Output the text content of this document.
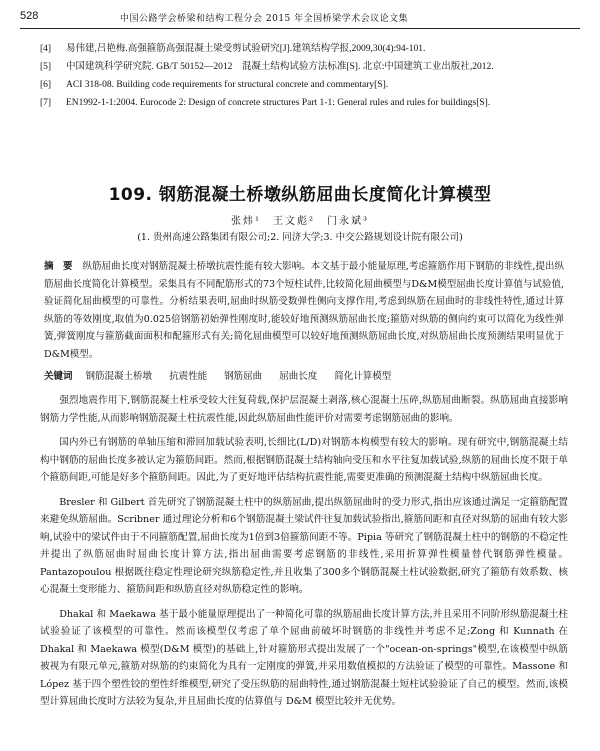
528	中国公路学会桥梁和结构工程分会 2015 年全国桥梁学术会议论文集
[4]	易伟建,吕艳梅.高强箍筋高强混凝土梁受剪试验研究[J].建筑结构学报,2009,30(4):94-101.
[5]	中国建筑科学研究院. GB/T 50152—2012　混凝土结构试验方法标准[S]. 北京:中国建筑工业出版社,2012.
[6]	ACI 318-08. Building code requirements for structural concrete and commentary[S].
[7]	EN1992-1-1:2004. Eurocode 2: Design of concrete structures Part 1-1: General rules and rules for buildings[S].
109. 钢筋混凝土桥墩纵筋屈曲长度简化计算模型
张炜¹　王文彪²　门永斌³
(1. 贵州高速公路集团有限公司;2. 同济大学;3. 中交公路规划设计院有限公司)
摘　要 纵筋屈曲长度对钢筋混凝土桥墩抗震性能有较大影响。本文基于最小能量原理,考虑箍筋作用下钢筋的非线性,提出纵筋屈曲长度简化计算模型。采集具有不同配筋形式的73个短柱试件,比较简化屈曲模型与D&M模型屈曲长度计算值与试验值,验证简化屈曲模型的可靠性。分析结果表明,屈曲时纵筋受数弹性侧向支撑作用,考虑到纵筋在屈曲时的非线性特性,通过计算纵筋的等效刚度,取值为0.025倍钢筋初始弹性刚度时,能较好地预测纵筋屈曲长度;箍筋对纵筋的侧向约束可以简化为线性弹簧,弹簧刚度与箍筋截面面积和配箍形式有关;简化屈曲模型可以较好地预测纵筋屈曲长度,对纵筋屈曲长度预测结果明显优于D&M模型。
关键词 钢筋混凝土桥墩 抗震性能 钢筋屈曲 屈曲长度 简化计算模型

强烈地震作用下,钢筋混凝土柱承受较大往复荷载,保护层混凝土剥落,核心混凝土压碎,纵筋屈曲断裂。纵筋屈曲直接影响钢筋力学性能,从而影响钢筋混凝土柱抗震性能,因此纵筋屈曲性能评价对需要考虑钢筋屈曲的影响。

国内外已有钢筋的单轴压缩和滞回加载试验表明,长细比(L/D)对钢筋本构模型有较大的影响。现有研究中,钢筋混凝土结构中钢筋的屈曲长度多被认定为箍筋间距。然而,根据钢筋混凝土结构轴向受压和水平往复加载试验,纵筋的屈曲长度不限于单个箍筋间距,可能是好多个箍筋间距。因此,为了更好地评估结构抗震性能,需要更准确的预测混凝土结构中纵筋屈曲长度。

Bresler 和 Gilbert 首先研究了钢筋混凝土柱中的纵筋屈曲,提出纵筋屈曲时的受力形式,指出应该通过满足一定箍筋配置来避免纵筋屈曲。Scribner 通过理论分析和6个钢筋混凝土梁试件往复加载试验指出,箍筋间距和直径对纵筋的屈曲有较大影响,试验中的梁试件由于不同箍筋配置,屈曲长度为1倍到3倍箍筋间距不等。Pipia 等研究了钢筋混凝土柱中的钢筋的不稳定性并提出了纵筋屈曲时屈曲长度计算方法,指出屈曲需要考虑钢筋的非线性,采用折算弹性模量替代钢筋弹性模量。Pantazopoulou 根据既往稳定性理论研究纵筋稳定性,并且收集了300多个钢筋混凝土柱试验数据,研究了箍筋有效系数、核心混凝土变形能力、箍筋间距和纵筋直径对纵筋稳定性的影响。

Dhakal 和 Maekawa 基于最小能量原理提出了一种简化可靠的纵筋屈曲长度计算方法,并且采用不同阶形纵筋混凝土柱试验验证了该模型的可靠性。然而该模型仅考虑了单个屈曲前破坏时钢筋的非线性并考虑不足;Zong 和 Kunnath 在 Dhakal 和 Maekawa 模型(D&M 模型)的基础上,针对箍筋形式提出发展了一个"ocean-on-springs"模型,在该模型中纵筋被视为有限元单元,箍筋对纵筋的约束简化为具有一定刚度的弹簧,并采用数值模拟的方法验证了模型的可靠性。Massone 和 López 基于四个塑性铰的塑性纤维模型,研究了受压纵筋的屈曲特性,通过钢筋混凝土短柱试验验证了自己的模型。然而,该模型计算屈曲长度时方法较为复杂,并且屈曲长度的估算值与 D&M 模型比较并无优势。
